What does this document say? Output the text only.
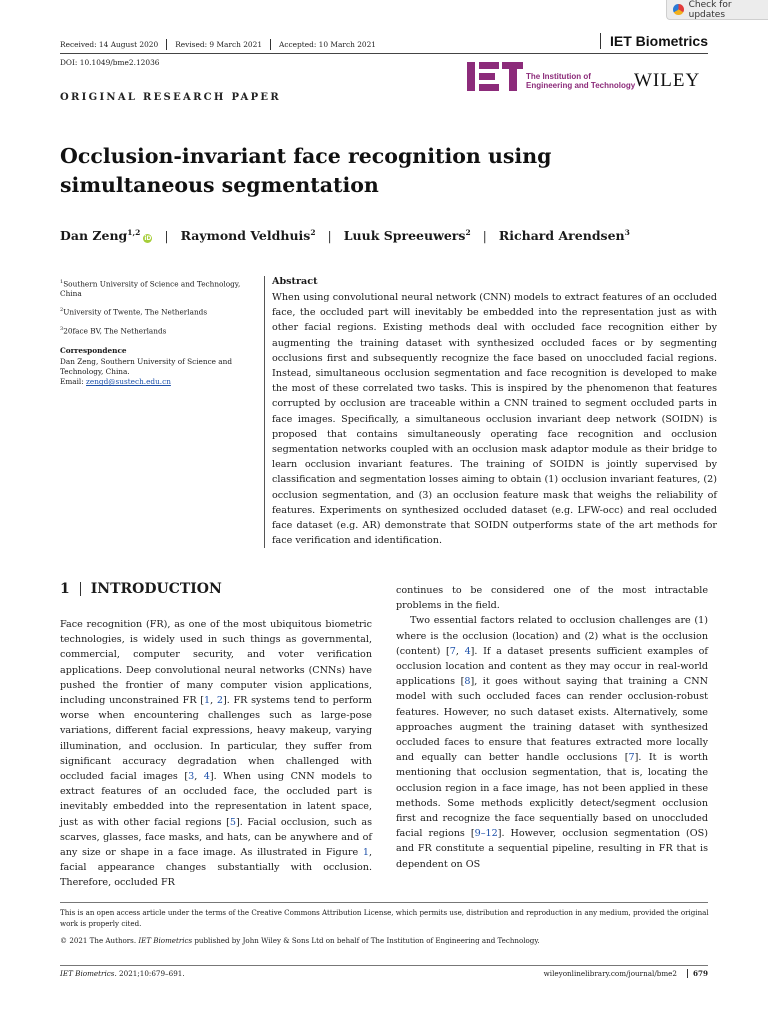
Check for updates
Received: 14 August 2020	Revised: 9 March 2021	Accepted: 10 March 2021	IET Biometrics
DOI: 10.1049/bme2.12036
The Institution of
Engineering and Technology
WILEY
ORIGINAL RESEARCH PAPER
Occlusion-invariant face recognition using simultaneous segmentation
Dan Zeng$^{1,2}$
iD	| Raymond Veldhuis$^2$ | Luuk Spreeuwers$^2$ | Richard Arendsen$^3$

$^1$Southern University of Science and Technology, China

$^2$University of Twente, The Netherlands

$^3$20face BV, The Netherlands

Correspondence
Dan Zeng, Southern University of Science and Technology, China.
Email: zengd@sustech.edu.cn
Abstract

When using convolutional neural network (CNN) models to extract features of an occluded face, the occluded part will inevitably be embedded into the representation just as with other facial regions. Existing methods deal with occluded face recognition either by augmenting the training dataset with synthesized occluded faces or by segmenting occlusions first and subsequently recognize the face based on unoccluded facial regions. Instead, simultaneous occlusion segmentation and face recognition is developed to make the most of these correlated two tasks. This is inspired by the phenomenon that features corrupted by occlusion are traceable within a CNN trained to segment occluded parts in face images. Specifically, a simultaneous occlusion invariant deep network (SOIDN) is proposed that contains simultaneously operating face recognition and occlusion segmentation networks coupled with an occlusion mask adaptor module as their bridge to learn occlusion invariant features. The training of SOIDN is jointly supervised by classification and segmentation losses aiming to obtain (1) occlusion invariant features, (2) occlusion segmentation, and (3) an occlusion feature mask that weighs the reliability of features. Experiments on synthesized occluded dataset (e.g. LFW-occ) and real occluded face dataset (e.g. AR) demonstrate that SOIDN outperforms state of the art methods for face verification and identification.

1	INTRODUCTION

Face recognition (FR), as one of the most ubiquitous biometric technologies, is widely used in such things as governmental, commercial, computer security, and voter verification applications. Deep convolutional neural networks (CNNs) have pushed the frontier of many computer vision applications, including unconstrained FR [1, 2]. FR systems tend to perform worse when encountering challenges such as large-pose variations, different facial expressions, heavy makeup, varying illumination, and occlusion. In particular, they suffer from significant accuracy degradation when challenged with occluded facial images [3, 4]. When using CNN models to extract features of an occluded face, the occluded part is inevitably embedded into the representation in latent space, just as with other facial regions [5]. Facial occlusion, such as scarves, glasses, face masks, and hats, can be anywhere and of any size or shape in a face image. As illustrated in Figure 1, facial appearance changes substantially with occlusion. Therefore, occluded FR

continues to be considered one of the most intractable problems in the field.

Two essential factors related to occlusion challenges are (1) where is the occlusion (location) and (2) what is the occlusion (content) [7, 4]. If a dataset presents sufficient examples of occlusion location and content as they may occur in real-world applications [8], it goes without saying that training a CNN model with such occluded faces can render occlusion-robust features. However, no such dataset exists. Alternatively, some approaches augment the training dataset with synthesized occluded faces to ensure that features extracted more locally and equally can better handle occlusions [7]. It is worth mentioning that occlusion segmentation, that is, locating the occlusion region in a face image, has not been applied in these methods. Some methods explicitly detect/segment occlusion first and recognize the face sequentially based on unoccluded facial regions [9–12]. However, occlusion segmentation (OS) and FR constitute a sequential pipeline, resulting in FR that is dependent on OS

This is an open access article under the terms of the Creative Commons Attribution License, which permits use, distribution and reproduction in any medium, provided the original work is properly cited.
© 2021 The Authors. IET Biometrics published by John Wiley & Sons Ltd on behalf of The Institution of Engineering and Technology.
IET Biometrics. 2021;10:679–691.	wileyonlinelibrary.com/journal/bme2	679
